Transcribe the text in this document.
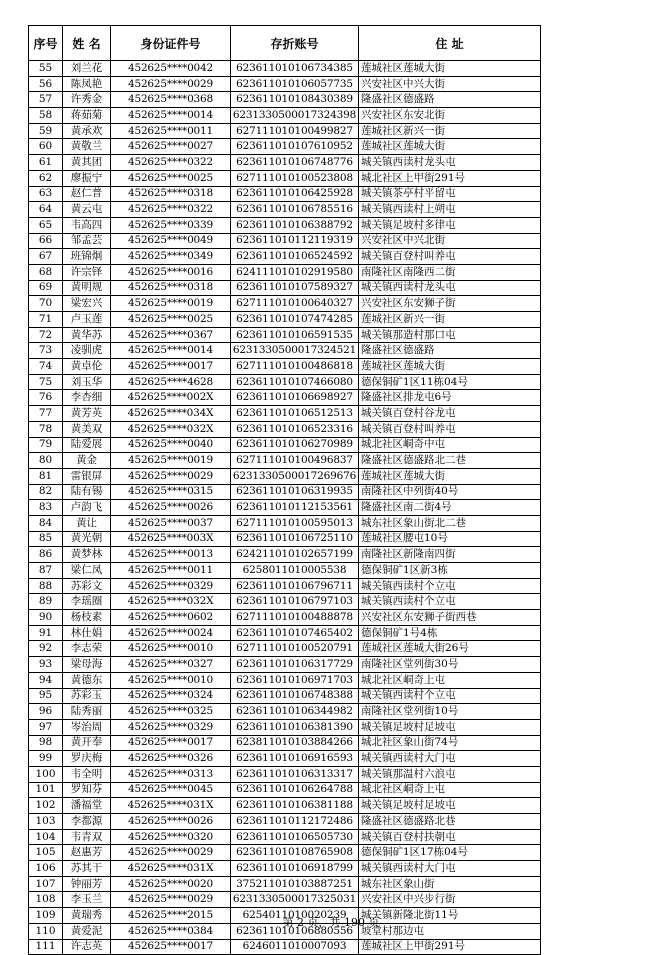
序号	姓 名	身份证件号	存折账号	住 址
55	刘兰花	452625****0042	623611010106734385	莲城社区莲城大街
56	陈凤艳	452625****0029	623611010106057735	兴安社区中兴大街
57	许秀金	452625****0368	623611010108430389	隆盛社区德盛路
58	蒋茹菊	452625****0014	6231330500017324398	兴安社区东安北街
59	黄承欢	452625****0011	627111010100499827	莲城社区新兴一街
60	黄敬兰	452625****0027	623611010107610952	莲城社区莲城大街
61	黄其团	452625****0322	623611010106748776	城关镇西读村龙头屯
62	廖振宁	452625****0025	627111010100523808	城北社区上甲街291号
63	赵仁普	452625****0318	623611010106425928	城关镇茶亭村平留屯
64	黄云屯	452625****0322	623611010106785516	城关镇西读村上朔屯
65	韦高四	452625****0339	623611010106388792	城关镇足坡村多律屯
66	邹孟芸	452625****0049	623611010112119319	兴安社区中兴北街
67	班锦炯	452625****0349	623611010106524592	城关镇百登村叫养屯
68	许宗铎	452625****0016	624111010102919580	南隆社区南隆西二街
69	黄明规	452625****0318	623611010107589327	城关镇西读村龙头屯
70	梁宏兴	452625****0019	627111010100640327	兴安社区东安狮子街
71	卢玉莲	452625****0025	623611010107474285	莲城社区新兴一街
72	黄华苏	452625****0367	623611010106591535	城关镇那造村那口屯
73	凌驯虎	452625****0014	6231330500017324521	隆盛社区德盛路
74	黄卓伦	452625****0017	627111010100486818	莲城社区莲城大街
75	刘玉华	452625****4628	623611010107466080	德保铜矿1区11栋04号
76	李杏细	452625****002X	623611010106698927	隆盛社区排龙屯6号
77	黄芳英	452625****034X	623611010106512513	城关镇百登村谷龙屯
78	黄美双	452625****032X	623611010106523316	城关镇百登村叫养屯
79	陆爱展	452625****0040	623611010106270989	城北社区峒奇中屯
80	黄金	452625****0019	627111010100496837	隆盛社区德盛路北二巷
81	雷银屏	452625****0029	6231330500017269676	莲城社区莲城大街
82	陆有锡	452625****0315	623611010106319935	南隆社区中列街40号
83	卢韵飞	452625****0026	623611010112153561	隆盛社区南二街4号
84	黄让	452625****0037	627111010100595013	城东社区象山街北二巷
85	黄光朝	452625****003X	623611010106725110	莲城社区腰屯10号
86	黄梦林	452625****0013	624211010102657199	南隆社区新隆南四街
87	梁仁凤	452625****0011	6258011010005538	德保铜矿1区新3栋
88	苏彩文	452625****0329	623611010106796711	城关镇西读村个立屯
89	李瑶圈	452625****032X	623611010106797103	城关镇西读村个立屯
90	杨枝素	452625****0602	627111010100488878	兴安社区东安狮子街西巷
91	林仕娟	452625****0024	623611010107465402	德保铜矿1号4栋
92	李志荣	452625****0010	627111010100520791	莲城社区莲城大街26号
93	梁母海	452625****0327	623611010106317729	南隆社区堂列街30号
94	黄德东	452625****0010	623611010106971703	城北社区峒奇上屯
95	苏彩玉	452625****0324	623611010106748388	城关镇西读村个立屯
96	陆秀丽	452625****0325	623611010106344982	南隆社区堂列街10号
97	岑治周	452625****0329	623611010106381390	城关镇足坡村足坡屯
98	黄开奉	452625****0017	623811010103884266	城北社区象山街74号
99	罗庆梅	452625****0326	623611010106916593	城关镇西读村大门屯
100	韦全明	452625****0313	623611010106313317	城关镇那温村六浪屯
101	罗知芬	452625****0045	623611010106264788	城北社区峒奇上屯
102	潘福堂	452625****031X	623611010106381188	城关镇足坡村足坡屯
103	李都源	452625****0026	623611010112172486	隆盛社区德盛路北巷
104	韦青双	452625****0320	623611010106505730	城关镇百登村扶朝屯
105	赵惠芳	452625****0029	623611010108765908	德保铜矿1区17栋04号
106	苏其干	452625****031X	623611010106918799	城关镇西读村大门屯
107	钟丽芳	452625****0020	375211010103887251	城东社区象山街
108	李玉兰	452625****0029	6231330500017325031	兴安社区中兴步行街
109	黄瑞秀	452625****2015	6254011010020239	城关镇新隆北街11号
110	黄爱泥	452625****0384	623611010106880556	坡堂村那边屯
111	许志英	452625****0017	6246011010007093	莲城社区上甲街291号
第 2 页，共 190 页
